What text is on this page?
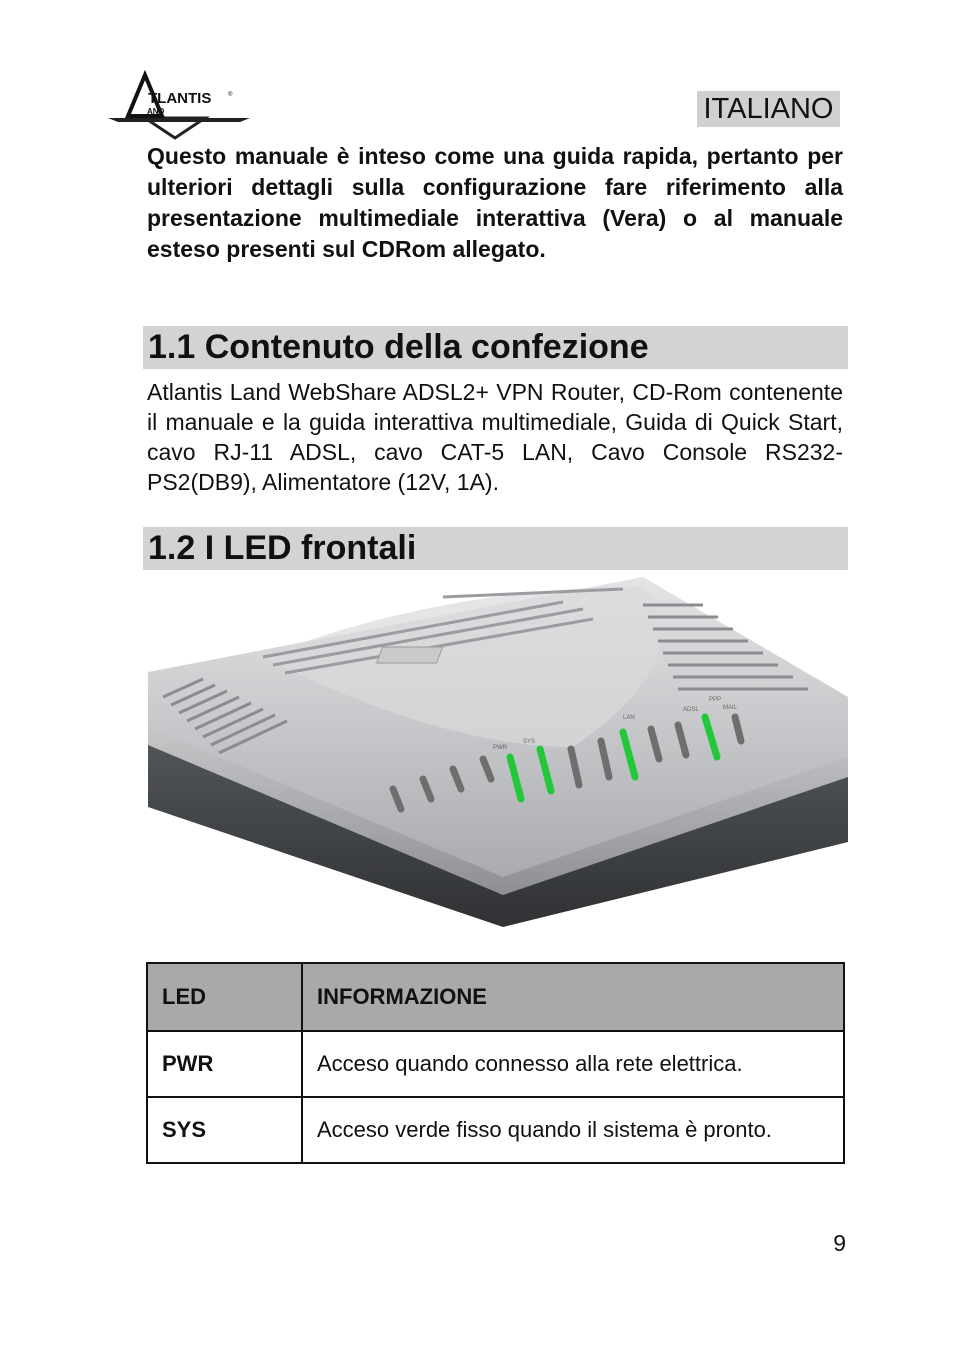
TLANTIS
AND
®	ITALIANO
Questo manuale è inteso come una guida rapida, pertanto per ulteriori dettagli sulla configurazione fare riferimento alla presentazione multimediale interattiva (Vera) o al manuale esteso presenti sul CDRom allegato.
1.1 Contenuto della confezione
Atlantis Land WebShare ADSL2+ VPN Router, CD-Rom contenente il manuale e la guida interattiva multimediale, Guida di Quick Start, cavo RJ-11 ADSL, cavo CAT-5 LAN, Cavo Console RS232-PS2(DB9), Alimentatore (12V, 1A).
1.2 I LED frontali
PWR
SYS
LAN
ADSL
PPP
MAIL
LED	INFORMAZIONE
PWR	Acceso quando connesso alla rete elettrica.
SYS	Acceso verde fisso quando il sistema è pronto.
9
